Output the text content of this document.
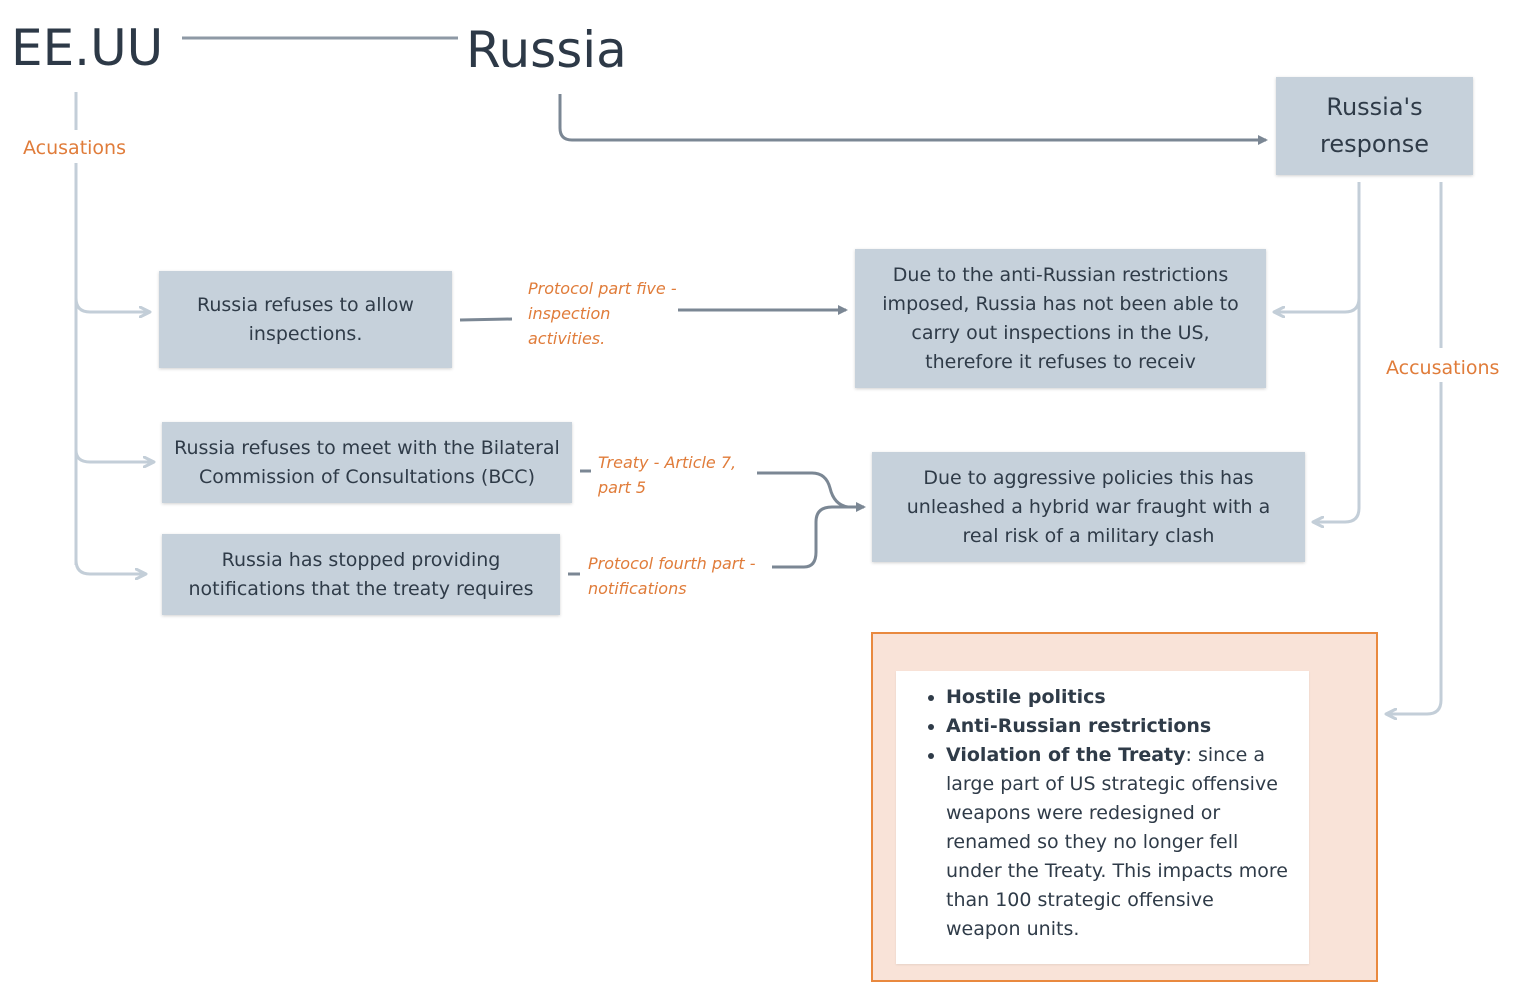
EE.UU	Russia
Acusations
Accusations
Russia's response
Russia refuses to allow inspections.
Russia refuses to meet with the Bilateral Commission of Consultations (BCC)
Russia has stopped providing notifications that the treaty requires
Protocol part five - inspection activities.
Treaty - Article 7, part 5
Protocol fourth part - notifications
Due to the anti-Russian restrictions imposed, Russia has not been able to carry out inspections in the US, therefore it refuses to receiv
Due to aggressive policies this has unleashed a hybrid war fraught with a real risk of a military clash
• Hostile politics
• Anti-Russian restrictions
• Violation of the Treaty: since a large part of US strategic offensive weapons were redesigned or renamed so they no longer fell under the Treaty. This impacts more than 100 strategic offensive weapon units.
